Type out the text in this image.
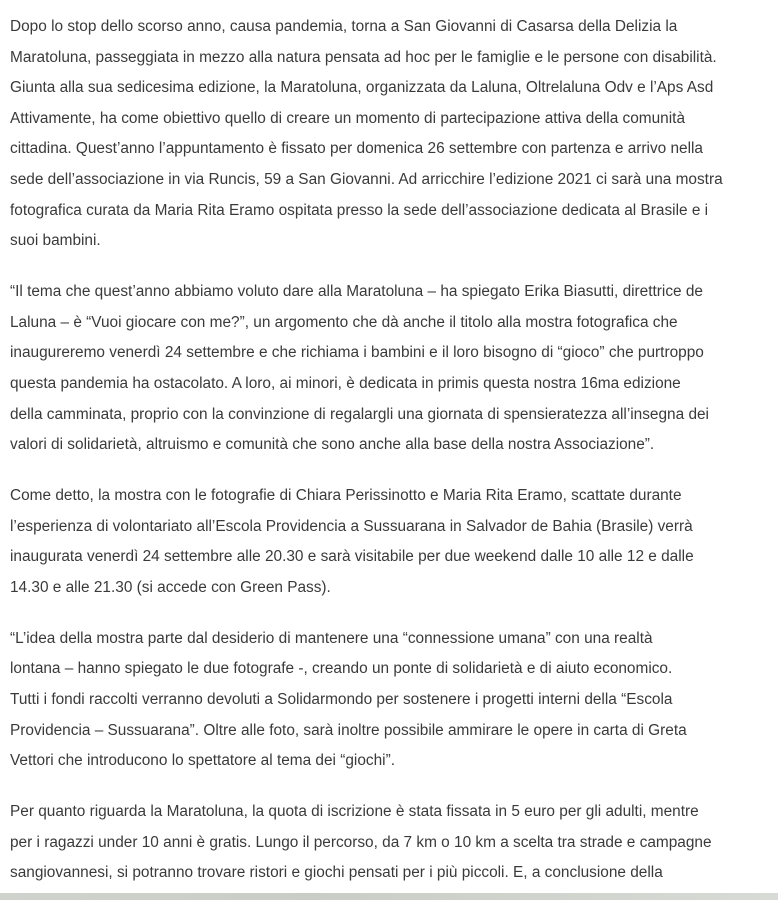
Dopo lo stop dello scorso anno, causa pandemia, torna a San Giovanni di Casarsa della Delizia la
Maratoluna, passeggiata in mezzo alla natura pensata ad hoc per le famiglie e le persone con disabilità.
Giunta alla sua sedicesima edizione, la Maratoluna, organizzata da Laluna, Oltrelaluna Odv e l’Aps Asd
Attivamente, ha come obiettivo quello di creare un momento di partecipazione attiva della comunità
cittadina. Quest’anno l’appuntamento è fissato per domenica 26 settembre con partenza e arrivo nella
sede dell’associazione in via Runcis, 59 a San Giovanni. Ad arricchire l’edizione 2021 ci sarà una mostra
fotografica curata da Maria Rita Eramo ospitata presso la sede dell’associazione dedicata al Brasile e i
suoi bambini.

“Il tema che quest’anno abbiamo voluto dare alla Maratoluna – ha spiegato Erika Biasutti, direttrice de
Laluna – è “Vuoi giocare con me?”, un argomento che dà anche il titolo alla mostra fotografica che
inaugureremo venerdì 24 settembre e che richiama i bambini e il loro bisogno di “gioco” che purtroppo
questa pandemia ha ostacolato. A loro, ai minori, è dedicata in primis questa nostra 16ma edizione
della camminata, proprio con la convinzione di regalargli una giornata di spensieratezza all’insegna dei
valori di solidarietà, altruismo e comunità che sono anche alla base della nostra Associazione”.

Come detto, la mostra con le fotografie di Chiara Perissinotto e Maria Rita Eramo, scattate durante
l’esperienza di volontariato all’Escola Providencia a Sussuarana in Salvador de Bahia (Brasile) verrà
inaugurata venerdì 24 settembre alle 20.30 e sarà visitabile per due weekend dalle 10 alle 12 e dalle
14.30 e alle 21.30 (si accede con Green Pass).

“L’idea della mostra parte dal desiderio di mantenere una “connessione umana” con una realtà
lontana – hanno spiegato le due fotografe -, creando un ponte di solidarietà e di aiuto economico.
Tutti i fondi raccolti verranno devoluti a Solidarmondo per sostenere i progetti interni della “Escola
Providencia – Sussuarana”. Oltre alle foto, sarà inoltre possibile ammirare le opere in carta di Greta
Vettori che introducono lo spettatore al tema dei “giochi”.

Per quanto riguarda la Maratoluna, la quota di iscrizione è stata fissata in 5 euro per gli adulti, mentre
per i ragazzi under 10 anni è gratis. Lungo il percorso, da 7 km o 10 km a scelta tra strade e campagne
sangiovannesi, si potranno trovare ristori e giochi pensati per i più piccoli. E, a conclusione della
